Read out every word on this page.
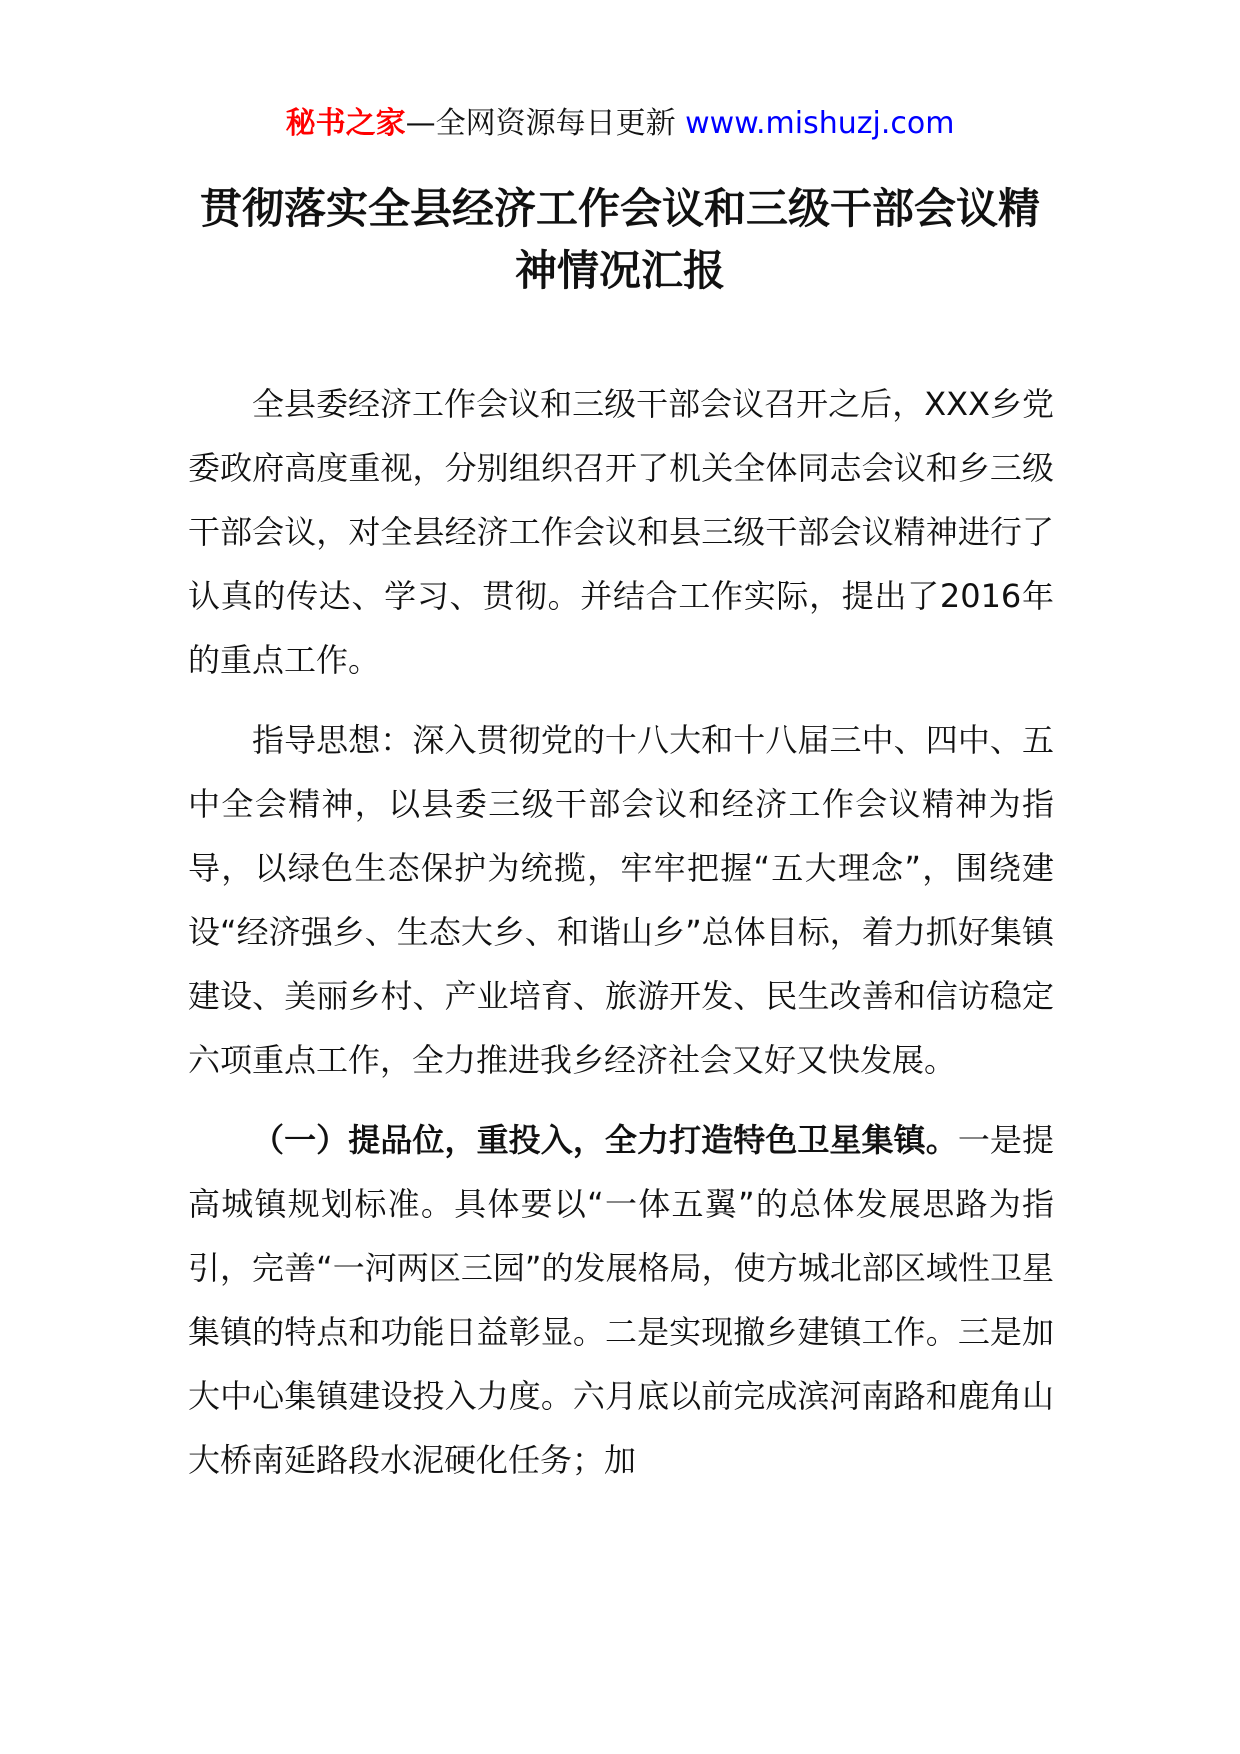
秘书之家—全网资源每日更新 www.mishuzj.com
贯彻落实全县经济工作会议和三级干部会议精神情况汇报

全县委经济工作会议和三级干部会议召开之后，XXX乡党委政府高度重视，分别组织召开了机关全体同志会议和乡三级干部会议，对全县经济工作会议和县三级干部会议精神进行了认真的传达、学习、贯彻。并结合工作实际，提出了2016年的重点工作。

指导思想：深入贯彻党的十八大和十八届三中、四中、五中全会精神，以县委三级干部会议和经济工作会议精神为指导，以绿色生态保护为统揽，牢牢把握“五大理念”，围绕建设“经济强乡、生态大乡、和谐山乡”总体目标，着力抓好集镇建设、美丽乡村、产业培育、旅游开发、民生改善和信访稳定六项重点工作，全力推进我乡经济社会又好又快发展。

（一）提品位，重投入，全力打造特色卫星集镇。一是提高城镇规划标准。具体要以“一体五翼”的总体发展思路为指引，完善“一河两区三园”的发展格局，使方城北部区域性卫星集镇的特点和功能日益彰显。二是实现撤乡建镇工作。三是加大中心集镇建设投入力度。六月底以前完成滨河南路和鹿角山大桥南延路段水泥硬化任务；加
